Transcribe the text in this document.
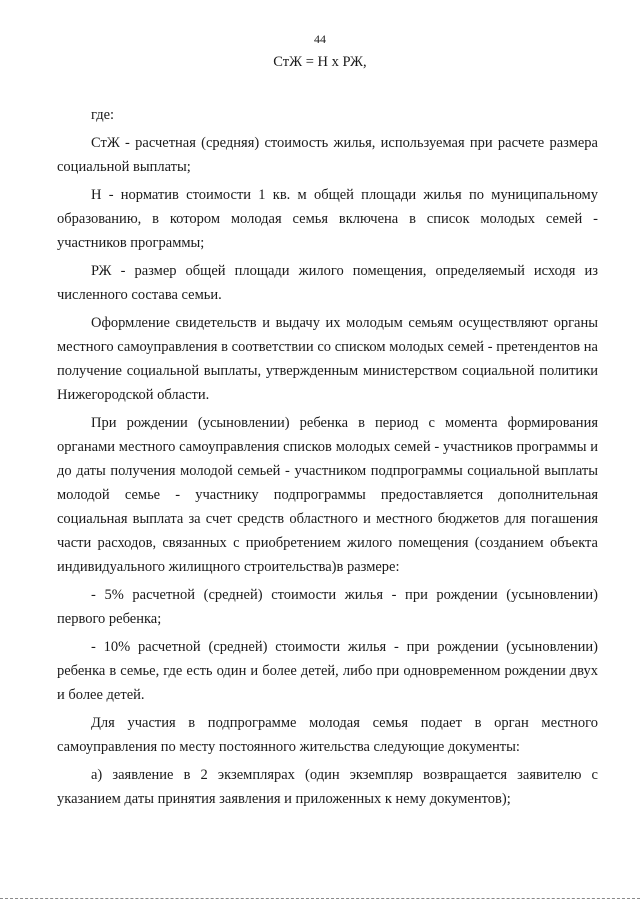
44
СтЖ = Н х РЖ,

где:

СтЖ - расчетная (средняя) стоимость жилья, используемая при расчете размера социальной выплаты;

Н - норматив стоимости 1 кв. м общей площади жилья по муниципальному образованию, в котором молодая семья включена в список молодых семей - участников программы;

РЖ - размер общей площади жилого помещения, определяемый исходя из численного состава семьи.

Оформление свидетельств и выдачу их молодым семьям осуществляют органы местного самоуправления в соответствии со списком молодых семей - претендентов на получение социальной выплаты, утвержденным министерством социальной политики Нижегородской области.

При рождении (усыновлении) ребенка в период с момента формирования органами местного самоуправления списков молодых семей - участников программы и до даты получения молодой семьей - участником подпрограммы социальной выплаты молодой семье - участнику подпрограммы предоставляется дополнительная социальная выплата за счет средств областного и местного бюджетов для погашения части расходов, связанных с приобретением жилого помещения (созданием объекта индивидуального жилищного строительства)в размере:

- 5% расчетной (средней) стоимости жилья - при рождении (усыновлении) первого ребенка;

- 10% расчетной (средней) стоимости жилья - при рождении (усыновлении) ребенка в семье, где есть один и более детей, либо при одновременном рождении двух и более детей.

Для участия в подпрограмме молодая семья подает в орган местного самоуправления по месту постоянного жительства следующие документы:

а) заявление в 2 экземплярах (один экземпляр возвращается заявителю с указанием даты принятия заявления и приложенных к нему документов);
